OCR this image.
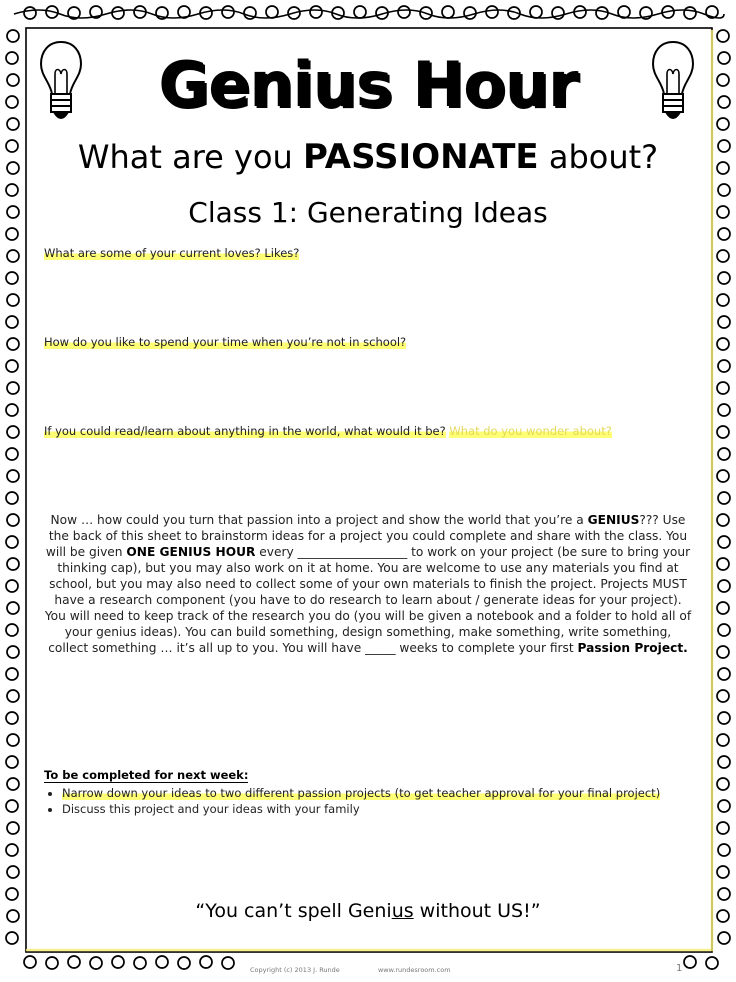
Genius Hour
What are you PASSIONATE about?
Class 1: Generating Ideas
What are some of your current loves? Likes?
How do you like to spend your time when you’re not in school?
If you could read/learn about anything in the world, what would it be? What do you wonder about?
Now … how could you turn that passion into a project and show the world that you’re a GENIUS??? Use the back of this sheet to brainstorm ideas for a project you could complete and share with the class. You will be given ONE GENIUS HOUR every __________________ to work on your project (be sure to bring your thinking cap), but you may also work on it at home. You are welcome to use any materials you find at school, but you may also need to collect some of your own materials to finish the project. Projects MUST have a research component (you have to do research to learn about / generate ideas for your project). You will need to keep track of the research you do (you will be given a notebook and a folder to hold all of your genius ideas). You can build something, design something, make something, write something, collect something … it’s all up to you. You will have _____ weeks to complete your first Passion Project.
To be completed for next week:
• Narrow down your ideas to two different passion projects (to get teacher approval for your final project)
• Discuss this project and your ideas with your family
“You can’t spell Genius without US!”
Copyright (c) 2013 J. Runde	www.rundesroom.com	1
